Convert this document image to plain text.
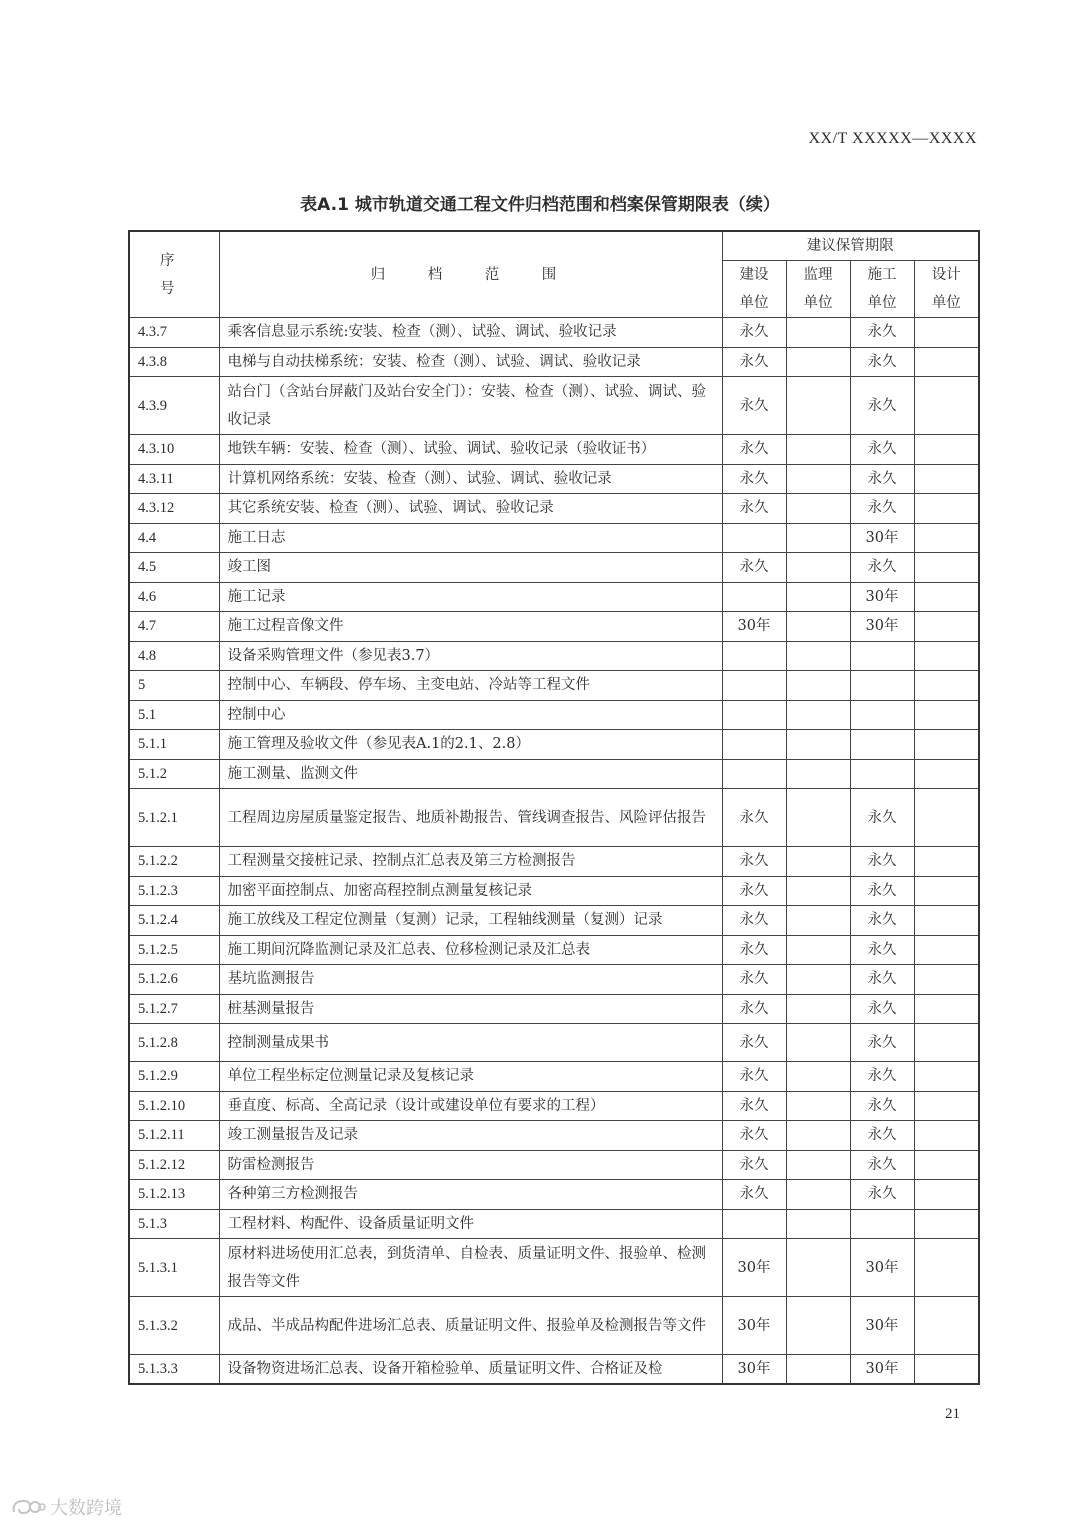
XX/T XXXXX—XXXX
表A.1 城市轨道交通工程文件归档范围和档案保管期限表（续）
序　号	归　档　范　围	建议保管期限			
		建设单位	监理单位	施工单位	设计单位
4.3.7	乘客信息显示系统:安装、检查（测）、试验、调试、验收记录	永久		永久	
4.3.8	电梯与自动扶梯系统：安装、检查（测）、试验、调试、验收记录	永久		永久	
4.3.9	站台门（含站台屏蔽门及站台安全门）：安装、检查（测）、试验、调试、验收记录	永久		永久	
4.3.10	地铁车辆：安装、检查（测）、试验、调试、验收记录（验收证书）	永久		永久	
4.3.11	计算机网络系统：安装、检查（测）、试验、调试、验收记录	永久		永久	
4.3.12	其它系统安装、检查（测）、试验、调试、验收记录	永久		永久	
4.4	施工日志			30年	
4.5	竣工图	永久		永久	
4.6	施工记录			30年	
4.7	施工过程音像文件	30年		30年	
4.8	设备采购管理文件（参见表3.7）				
5	控制中心、车辆段、停车场、主变电站、冷站等工程文件				
5.1	控制中心				
5.1.1	施工管理及验收文件（参见表A.1的2.1、2.8）				
5.1.2	施工测量、监测文件				
5.1.2.1	工程周边房屋质量鉴定报告、地质补勘报告、管线调查报告、风险评估报告	永久		永久	
5.1.2.2	工程测量交接桩记录、控制点汇总表及第三方检测报告	永久		永久	
5.1.2.3	加密平面控制点、加密高程控制点测量复核记录	永久		永久	
5.1.2.4	施工放线及工程定位测量（复测）记录，工程轴线测量（复测）记录	永久		永久	
5.1.2.5	施工期间沉降监测记录及汇总表、位移检测记录及汇总表	永久		永久	
5.1.2.6	基坑监测报告	永久		永久	
5.1.2.7	桩基测量报告	永久		永久	
5.1.2.8	控制测量成果书	永久		永久	
5.1.2.9	单位工程坐标定位测量记录及复核记录	永久		永久	
5.1.2.10	垂直度、标高、全高记录（设计或建设单位有要求的工程）	永久		永久	
5.1.2.11	竣工测量报告及记录	永久		永久	
5.1.2.12	防雷检测报告	永久		永久	
5.1.2.13	各种第三方检测报告	永久		永久	
5.1.3	工程材料、构配件、设备质量证明文件				
5.1.3.1	原材料进场使用汇总表，到货清单、自检表、质量证明文件、报验单、检测报告等文件	30年		30年	
5.1.3.2	成品、半成品构配件进场汇总表、质量证明文件、报验单及检测报告等文件	30年		30年	
5.1.3.3	设备物资进场汇总表、设备开箱检验单、质量证明文件、合格证及检	30年		30年	
21
大数跨境
